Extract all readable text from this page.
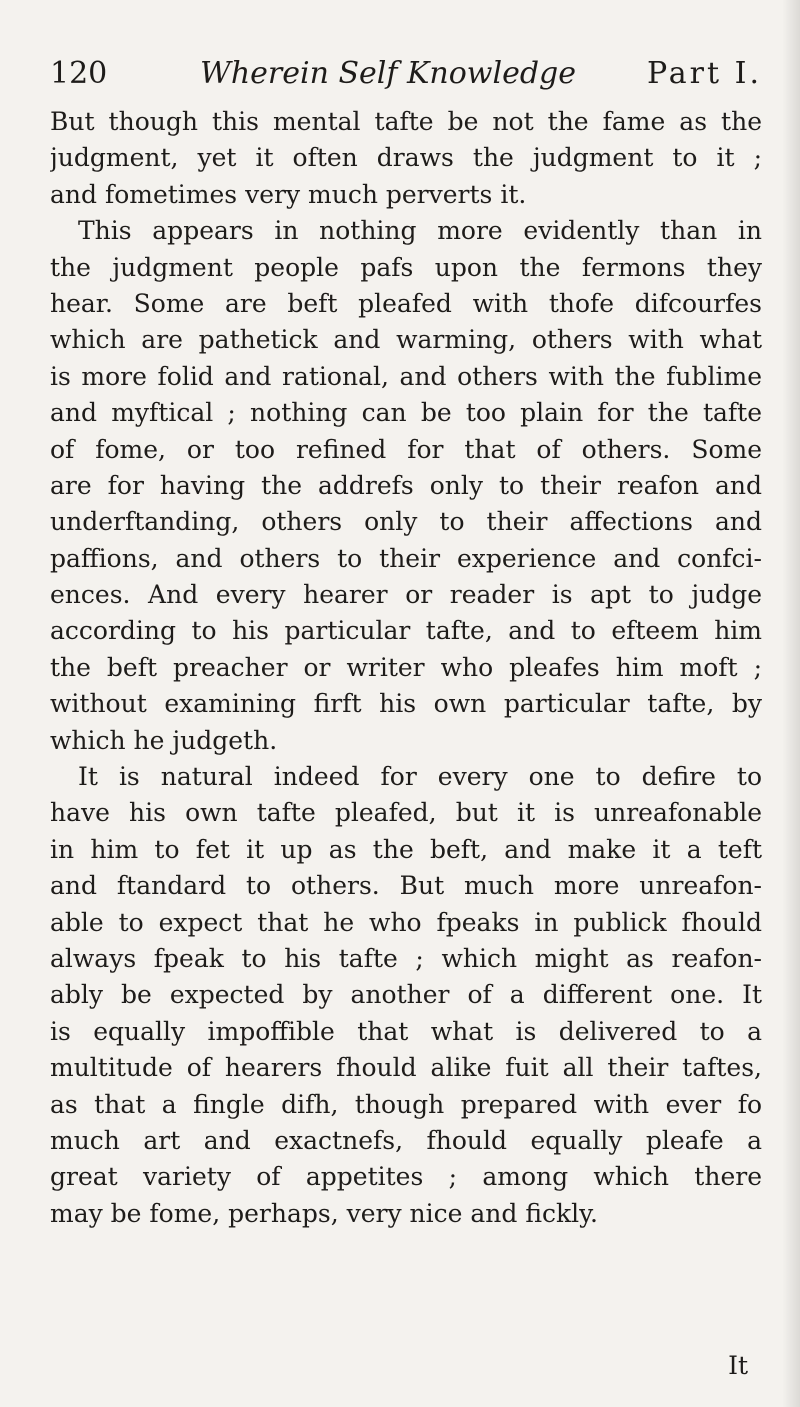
120	Wherein Self Knowledge Part I.
But though this mental tafte be not the fame as the
judgment, yet it often draws the judgment to it ;
and fometimes very much perverts it.
This appears in nothing more evidently than in
the judgment people pafs upon the fermons they
hear. Some are beft pleafed with thofe difcourfes
which are pathetick and warming, others with what
is more folid and rational, and others with the fublime
and myftical ; nothing can be too plain for the tafte
of fome, or too refined for that of others. Some
are for having the addrefs only to their reafon and
underftanding, others only to their affections and
paffions, and others to their experience and confci-
ences. And every hearer or reader is apt to judge
according to his particular tafte, and to efteem him
the beft preacher or writer who pleafes him moft ;
without examining firft his own particular tafte, by
which he judgeth.
It is natural indeed for every one to defire to
have his own tafte pleafed, but it is unreafonable
in him to fet it up as the beft, and make it a teft
and ftandard to others. But much more unreafon-
able to expect that he who fpeaks in publick fhould
always fpeak to his tafte ; which might as reafon-
ably be expected by another of a different one. It
is equally impoffible that what is delivered to a
multitude of hearers fhould alike fuit all their taftes,
as that a fingle difh, though prepared with ever fo
much art and exactnefs, fhould equally pleafe a
great variety of appetites ; among which there
may be fome, perhaps, very nice and fickly.
It
